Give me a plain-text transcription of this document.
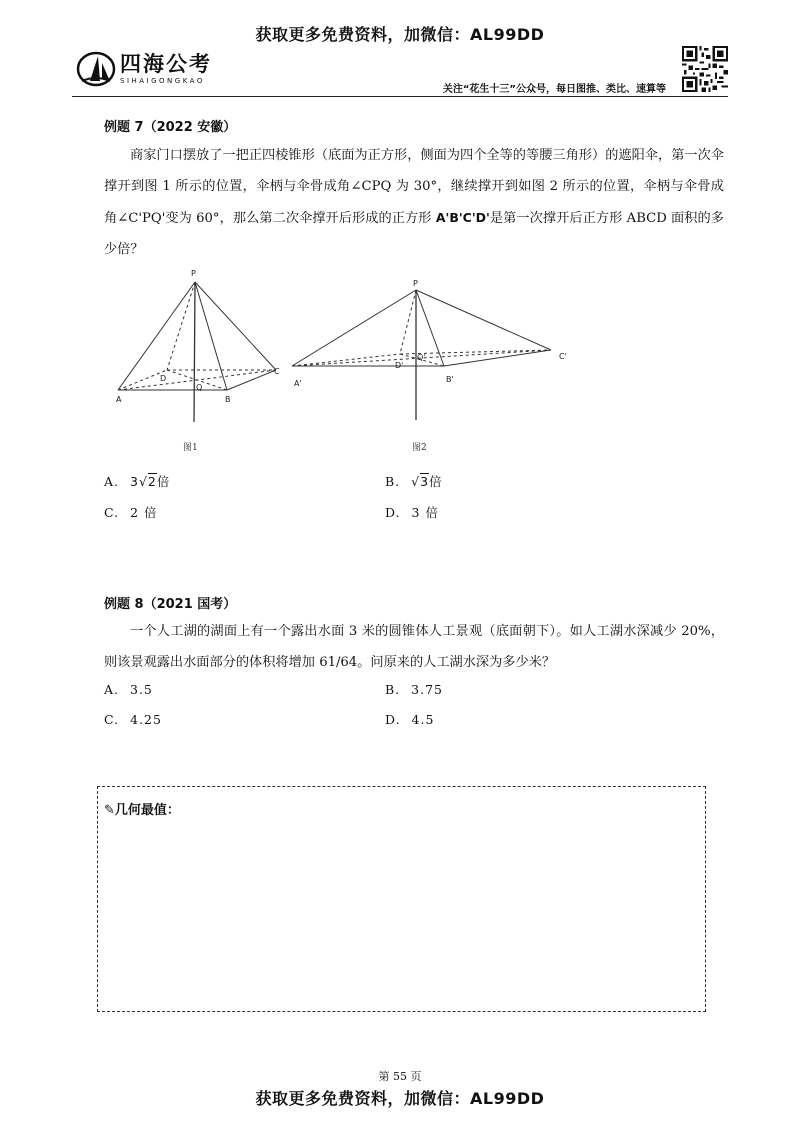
获取更多免费资料，加微信：AL99DD
四海公考
SIHAIGONGKAO
关注“花生十三”公众号，每日图推、类比、速算等
例题 7（2022 安徽）
商家门口摆放了一把正四棱锥形（底面为正方形，侧面为四个全等的等腰三角形）的遮阳伞，第一次伞撑开到图 1 所示的位置，伞柄与伞骨成角∠CPQ 为 30°，继续撑开到如图 2 所示的位置，伞柄与伞骨成角∠C'PQ'变为 60°，那么第二次伞撑开后形成的正方形 A'B'C'D'是第一次撑开后正方形 ABCD 面积的多少倍？
P
A	B
C
D
Q
P
A'	B'
C'
D'
Q'
图1	图2
A. 3√2倍	B. √3倍
C. 2 倍	D. 3 倍
例题 8（2021 国考）
一个人工湖的湖面上有一个露出水面 3 米的圆锥体人工景观（底面朝下）。如人工湖水深减少 20%，则该景观露出水面部分的体积将增加 61/64。问原来的人工湖水深为多少米？
A. 3.5	B. 3.75
C. 4.25	D. 4.5
✎几何最值：
第 55 页
获取更多免费资料，加微信：AL99DD
